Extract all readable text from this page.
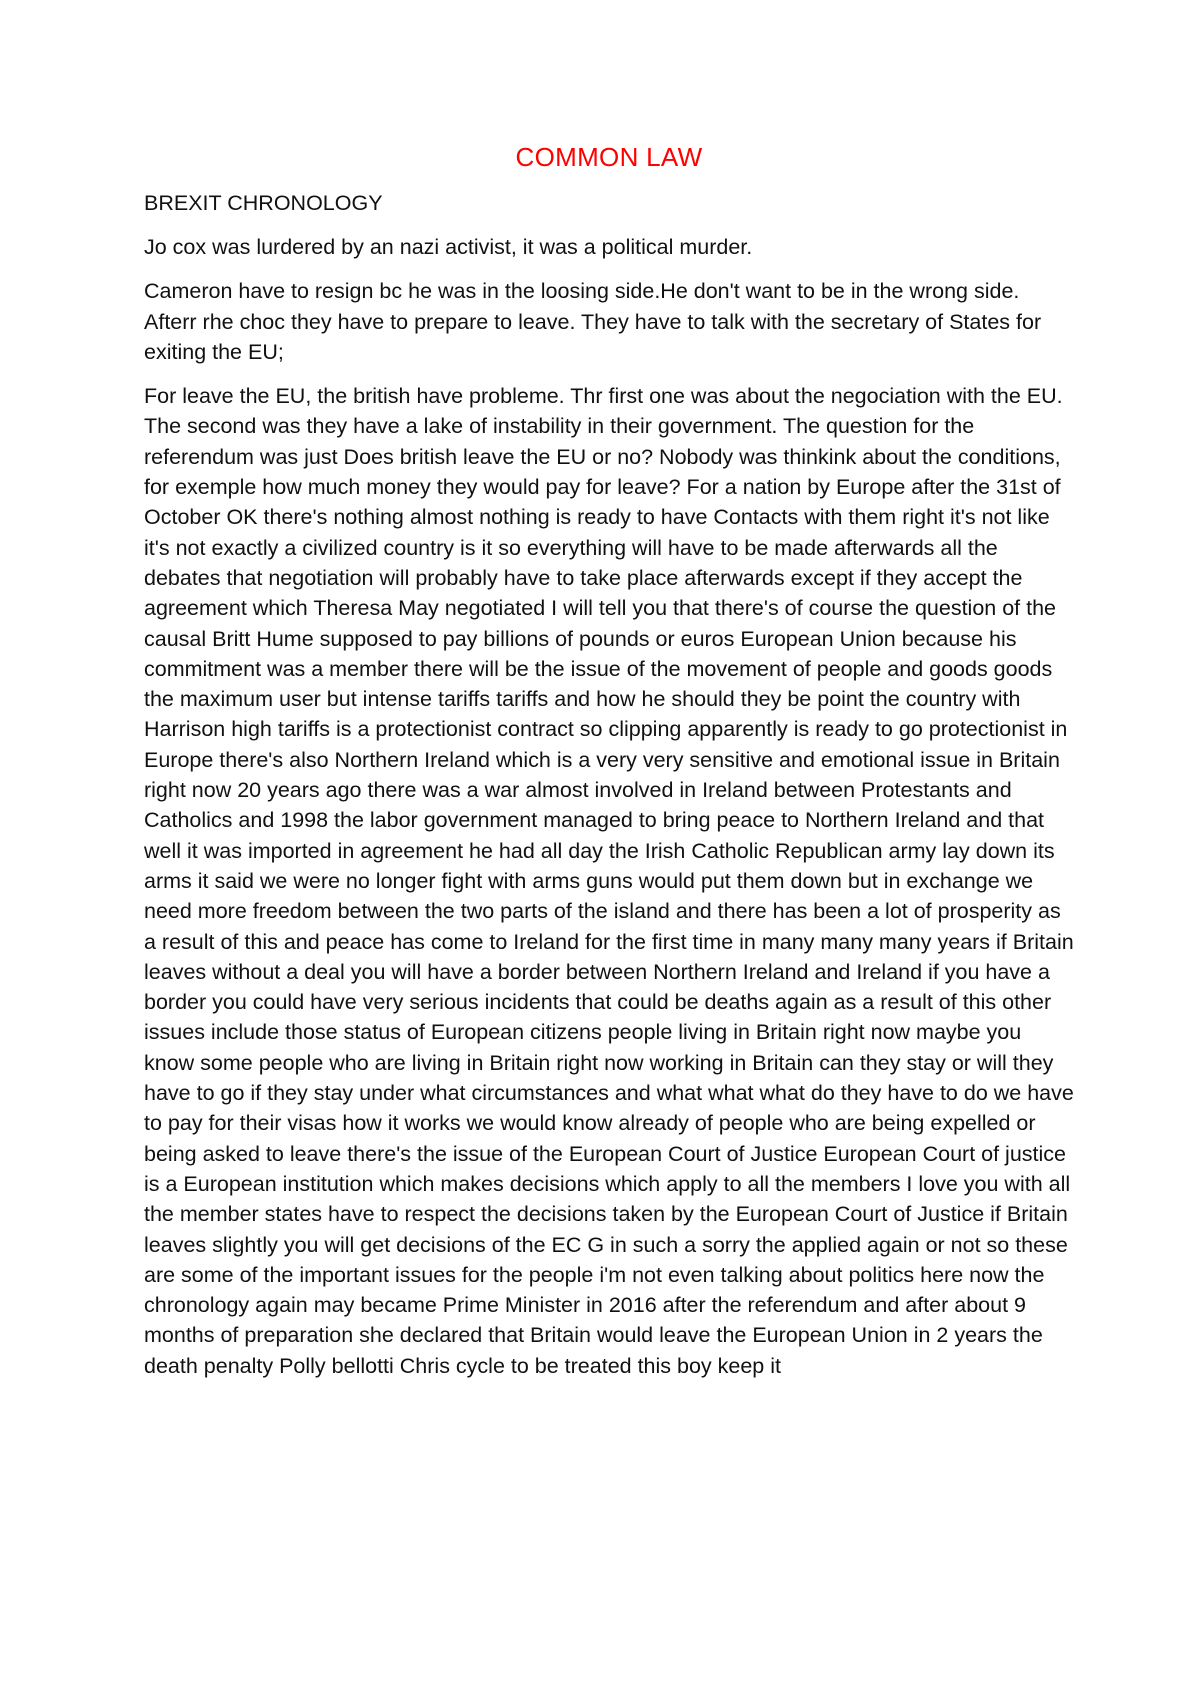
COMMON LAW
BREXIT CHRONOLOGY

Jo cox was lurdered by an nazi activist, it was a political murder.

Cameron have to resign bc he was in the loosing side.He don't want to be in the wrong side. Afterr rhe choc they have to prepare to leave. They have to talk with the secretary of States for exiting the EU;

For leave the EU, the british have probleme. Thr first one was about the negociation with the EU. The second was they have a lake of instability in their government. The question for the referendum was just Does british leave the EU or no? Nobody was thinkink about the conditions, for exemple how much money they would pay for leave? For a nation by Europe after the 31st of October OK there's nothing almost nothing is ready to have Contacts with them right it's not like it's not exactly a civilized country is it so everything will have to be made afterwards all the debates that negotiation will probably have to take place afterwards except if they accept the agreement which Theresa May negotiated I will tell you that there's of course the question of the causal Britt Hume supposed to pay billions of pounds or euros European Union because his commitment was a member there will be the issue of the movement of people and goods goods the maximum user but intense tariffs tariffs and how he should they be point the country with Harrison high tariffs is a protectionist contract so clipping apparently is ready to go protectionist in Europe there's also Northern Ireland which is a very very sensitive and emotional issue in Britain right now 20 years ago there was a war almost involved in Ireland between Protestants and Catholics and 1998 the labor government managed to bring peace to Northern Ireland and that well it was imported in agreement he had all day the Irish Catholic Republican army lay down its arms it said we were no longer fight with arms guns would put them down but in exchange we need more freedom between the two parts of the island and there has been a lot of prosperity as a result of this and peace has come to Ireland for the first time in many many many years if Britain leaves without a deal you will have a border between Northern Ireland and Ireland if you have a border you could have very serious incidents that could be deaths again as a result of this other issues include those status of European citizens people living in Britain right now maybe you know some people who are living in Britain right now working in Britain can they stay or will they have to go if they stay under what circumstances and what what what do they have to do we have to pay for their visas how it works we would know already of people who are being expelled or being asked to leave there's the issue of the European Court of Justice European Court of justice is a European institution which makes decisions which apply to all the members I love you with all the member states have to respect the decisions taken by the European Court of Justice if Britain leaves slightly you will get decisions of the EC G in such a sorry the applied again or not so these are some of the important issues for the people i'm not even talking about politics here now the chronology again may became Prime Minister in 2016 after the referendum and after about 9 months of preparation she declared that Britain would leave the European Union in 2 years the death penalty Polly bellotti Chris cycle to be treated this boy keep it
